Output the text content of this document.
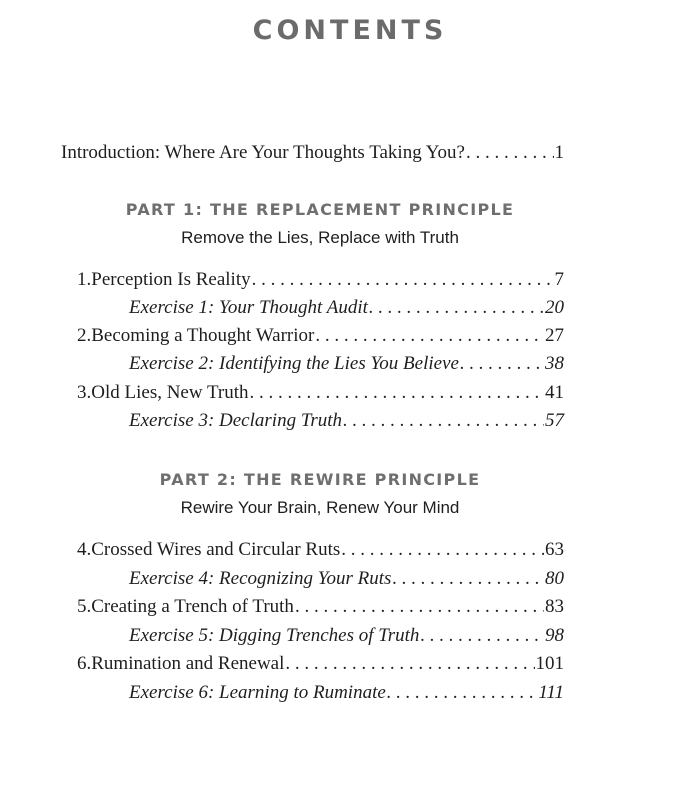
CONTENTS
Introduction: Where Are Your Thoughts Taking You? . . .	1
PART 1: THE REPLACEMENT PRINCIPLE
Remove the Lies, Replace with Truth
1. Perception Is Reality . . .	7
Exercise 1: Your Thought Audit . . .	20
2. Becoming a Thought Warrior . . .	27
Exercise 2: Identifying the Lies You Believe . . .	38
3. Old Lies, New Truth . . .	41
Exercise 3: Declaring Truth . . .	57
PART 2: THE REWIRE PRINCIPLE
Rewire Your Brain, Renew Your Mind
4. Crossed Wires and Circular Ruts . . .	63
Exercise 4: Recognizing Your Ruts . . .	80
5. Creating a Trench of Truth . . .	83
Exercise 5: Digging Trenches of Truth . . .	98
6. Rumination and Renewal . . .	101
Exercise 6: Learning to Ruminate . . .	111
